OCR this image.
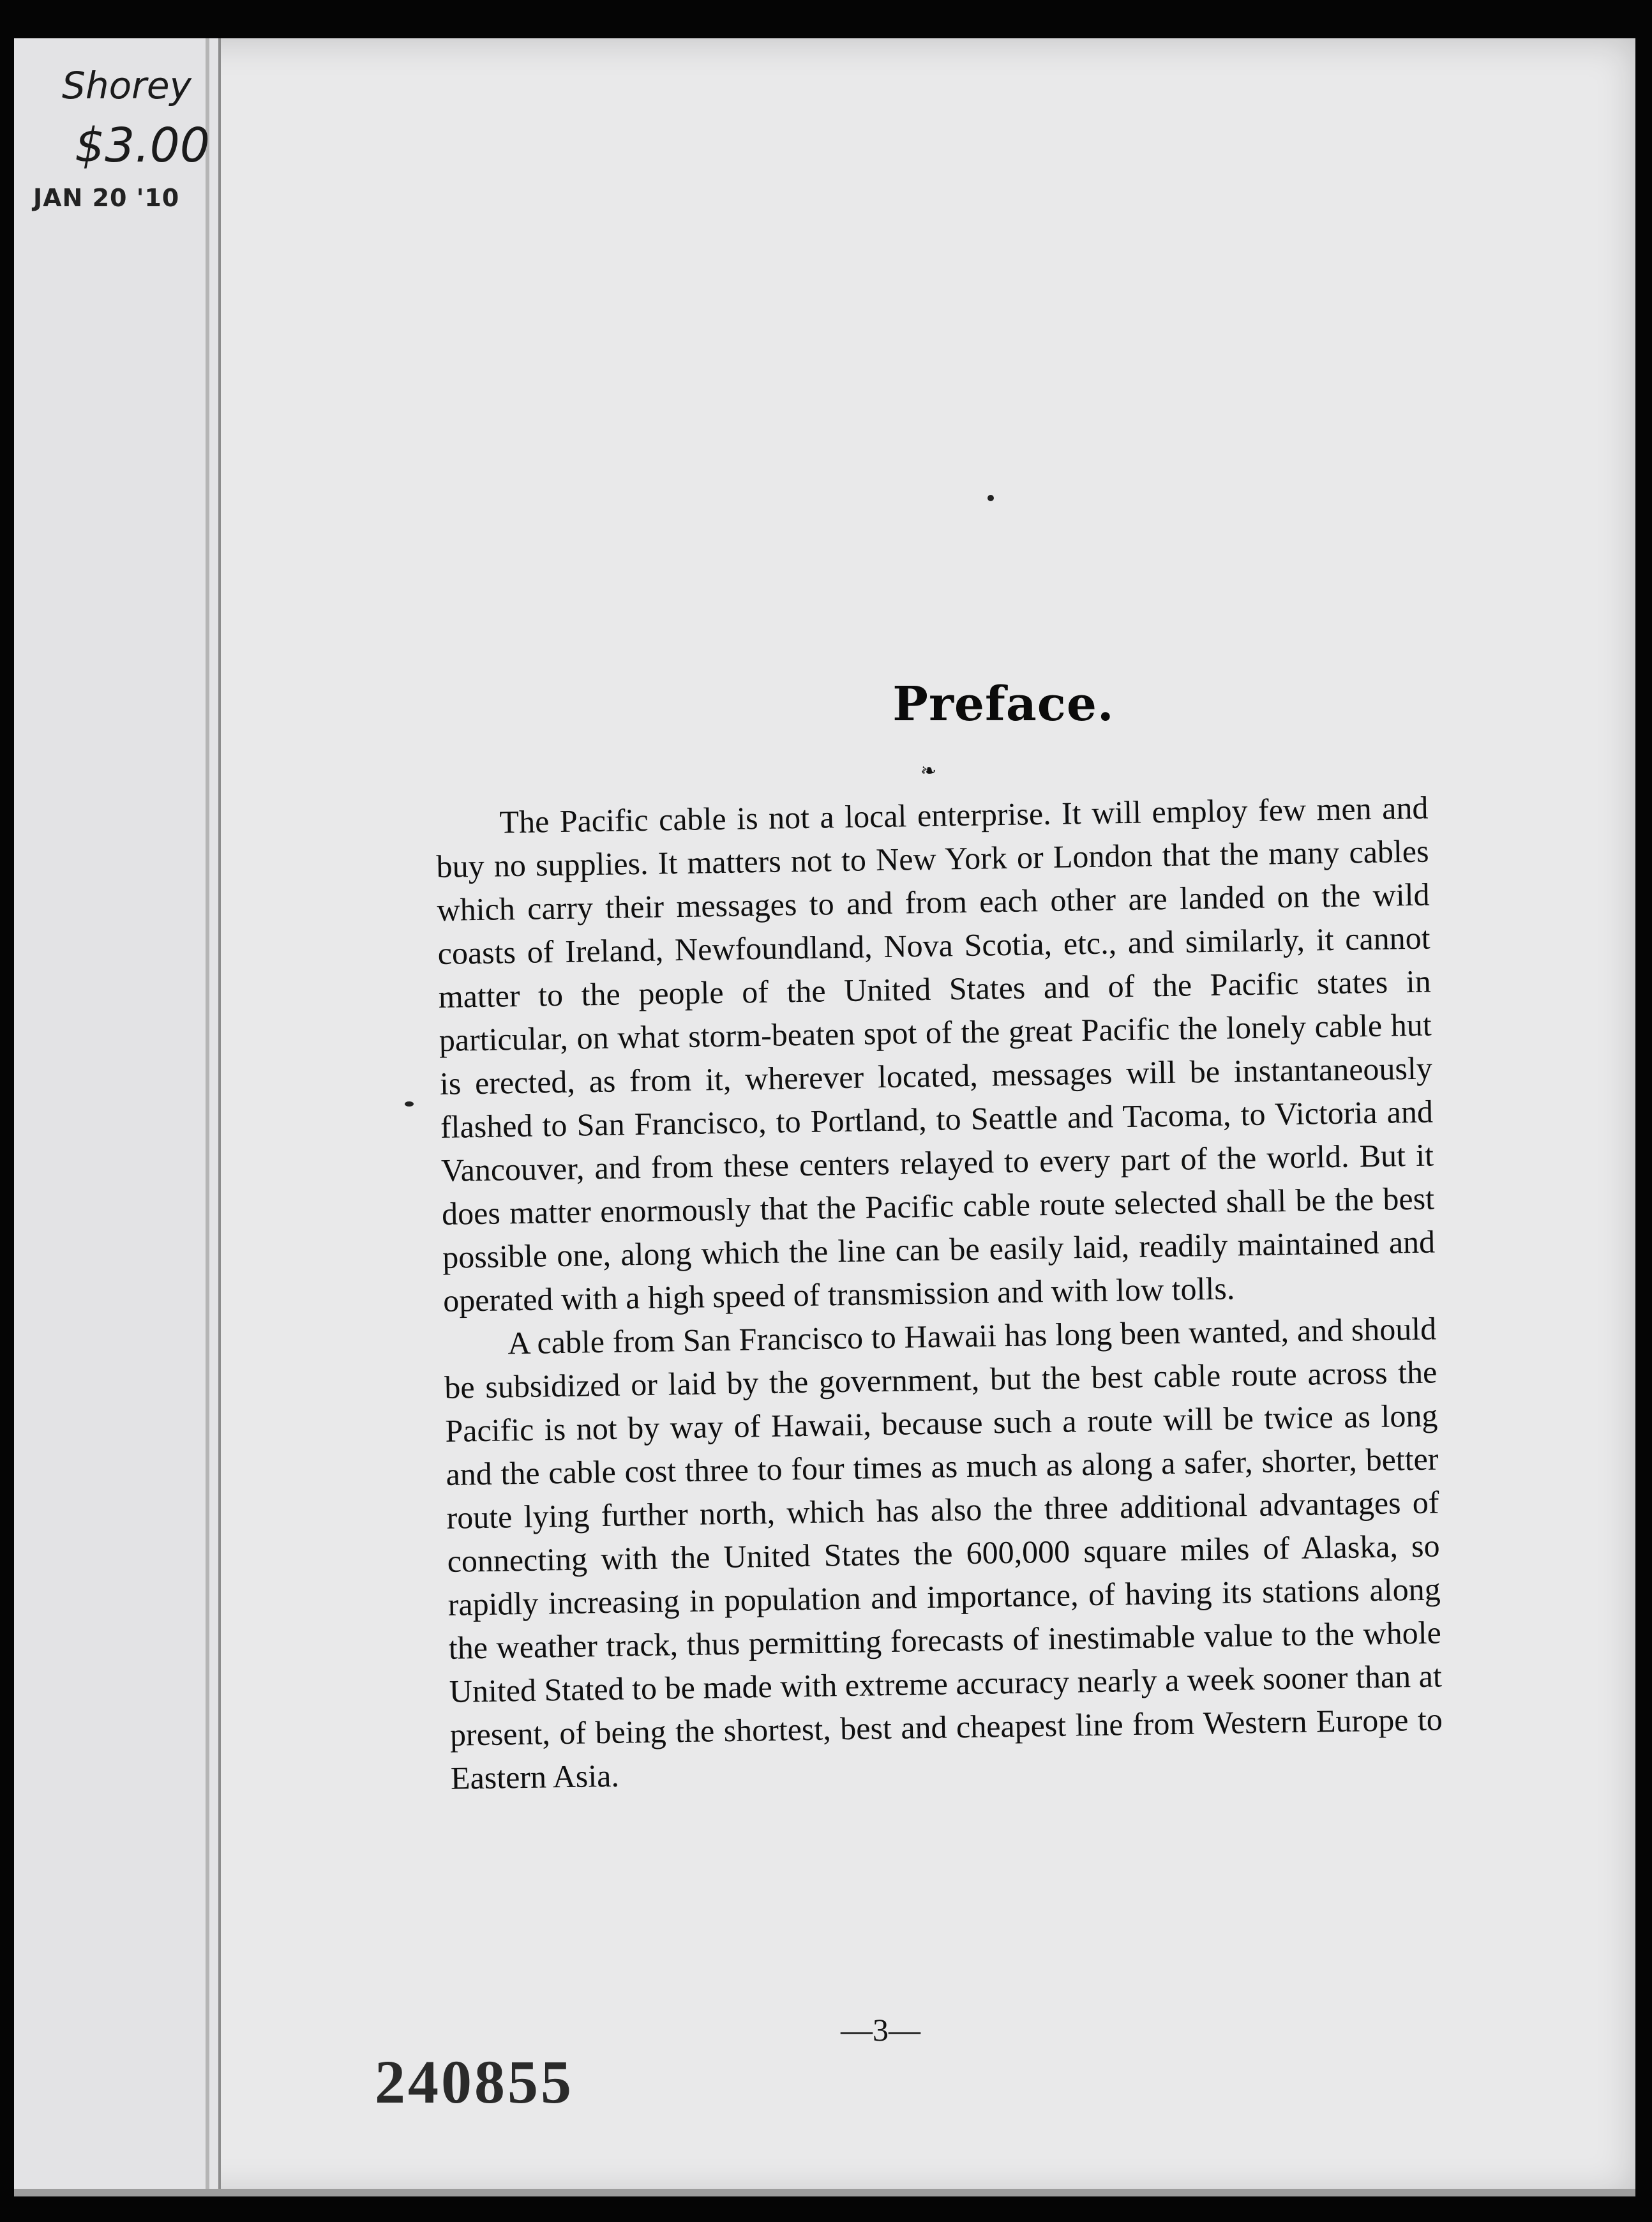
Shorey
$3.00
JAN 20 '10
Preface.
❧

The Pacific cable is not a local enterprise. It will employ few men and buy no supplies. It matters not to New York or London that the many cables which carry their messages to and from each other are landed on the wild coasts of Ireland, Newfoundland, Nova Scotia, etc., and similarly, it cannot matter to the people of the United States and of the Pacific states in particular, on what storm-beaten spot of the great Pacific the lonely cable hut is erected, as from it, wherever located, messages will be instantaneously flashed to San Francisco, to Portland, to Seattle and Tacoma, to Victoria and Vancouver, and from these centers relayed to every part of the world. But it does matter enormously that the Pacific cable route selected shall be the best possible one, along which the line can be easily laid, readily maintained and operated with a high speed of transmission and with low tolls.

A cable from San Francisco to Hawaii has long been wanted, and should be subsidized or laid by the government, but the best cable route across the Pacific is not by way of Hawaii, because such a route will be twice as long and the cable cost three to four times as much as along a safer, shorter, better route lying further north, which has also the three additional advantages of connecting with the United States the 600,000 square miles of Alaska, so rapidly increasing in population and importance, of having its stations along the weather track, thus permitting forecasts of inestimable value to the whole United Stated to be made with extreme accuracy nearly a week sooner than at present, of being the shortest, best and cheapest line from Western Europe to Eastern Asia.

—3—
240855
